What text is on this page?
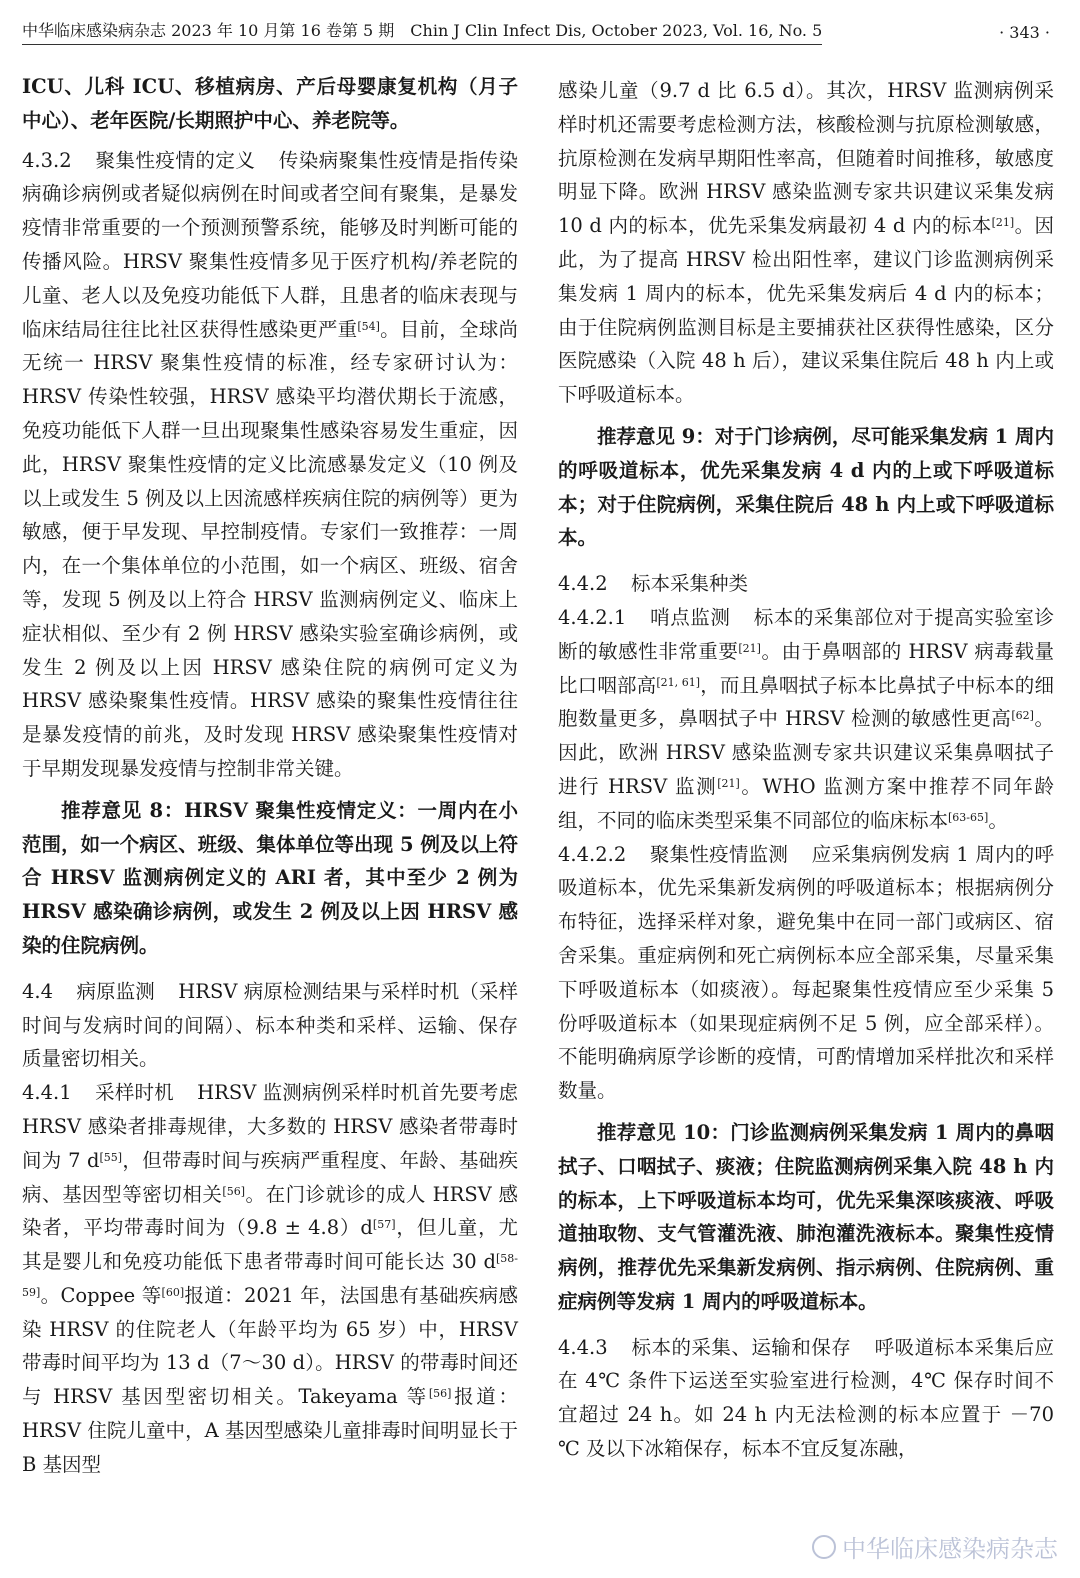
中华临床感染病杂志 2023 年 10 月第 16 卷第 5 期　Chin J Clin Infect Dis, October 2023, Vol. 16, No. 5	· 343 ·

ICU、儿科 ICU、移植病房、产后母婴康复机构（月子中心）、老年医院/长期照护中心、养老院等。

4.3.2 聚集性疫情的定义 传染病聚集性疫情是指传染病确诊病例或者疑似病例在时间或者空间有聚集，是暴发疫情非常重要的一个预测预警系统，能够及时判断可能的传播风险。HRSV 聚集性疫情多见于医疗机构/养老院的儿童、老人以及免疫功能低下人群，且患者的临床表现与临床结局往往比社区获得性感染更严重[54]。目前，全球尚无统一 HRSV 聚集性疫情的标准，经专家研讨认为：HRSV 传染性较强，HRSV 感染平均潜伏期长于流感，免疫功能低下人群一旦出现聚集性感染容易发生重症，因此，HRSV 聚集性疫情的定义比流感暴发定义（10 例及以上或发生 5 例及以上因流感样疾病住院的病例等）更为敏感，便于早发现、早控制疫情。专家们一致推荐：一周内，在一个集体单位的小范围，如一个病区、班级、宿舍等，发现 5 例及以上符合 HRSV 监测病例定义、临床上症状相似、至少有 2 例 HRSV 感染实验室确诊病例，或发生 2 例及以上因 HRSV 感染住院的病例可定义为 HRSV 感染聚集性疫情。HRSV 感染的聚集性疫情往往是暴发疫情的前兆，及时发现 HRSV 感染聚集性疫情对于早期发现暴发疫情与控制非常关键。

推荐意见 8：HRSV 聚集性疫情定义：一周内在小范围，如一个病区、班级、集体单位等出现 5 例及以上符合 HRSV 监测病例定义的 ARI 者，其中至少 2 例为 HRSV 感染确诊病例，或发生 2 例及以上因 HRSV 感染的住院病例。

4.4 病原监测 HRSV 病原检测结果与采样时机（采样时间与发病时间的间隔）、标本种类和采样、运输、保存质量密切相关。

4.4.1 采样时机 HRSV 监测病例采样时机首先要考虑 HRSV 感染者排毒规律，大多数的 HRSV 感染者带毒时间为 7 d[55]，但带毒时间与疾病严重程度、年龄、基础疾病、基因型等密切相关[56]。在门诊就诊的成人 HRSV 感染者，平均带毒时间为（9.8 ± 4.8）d[57]，但儿童，尤其是婴儿和免疫功能低下患者带毒时间可能长达 30 d[58-59]。Coppee 等[60]报道：2021 年，法国患有基础疾病感染 HRSV 的住院老人（年龄平均为 65 岁）中，HRSV 带毒时间平均为 13 d（7～30 d）。HRSV 的带毒时间还与 HRSV 基因型密切相关。Takeyama 等[56]报道：HRSV 住院儿童中，A 基因型感染儿童排毒时间明显长于 B 基因型

感染儿童（9.7 d 比 6.5 d）。其次，HRSV 监测病例采样时机还需要考虑检测方法，核酸检测与抗原检测敏感，抗原检测在发病早期阳性率高，但随着时间推移，敏感度明显下降。欧洲 HRSV 感染监测专家共识建议采集发病 10 d 内的标本，优先采集发病最初 4 d 内的标本[21]。因此，为了提高 HRSV 检出阳性率，建议门诊监测病例采集发病 1 周内的标本，优先采集发病后 4 d 内的标本；由于住院病例监测目标是主要捕获社区获得性感染，区分医院感染（入院 48 h 后），建议采集住院后 48 h 内上或下呼吸道标本。

推荐意见 9：对于门诊病例，尽可能采集发病 1 周内的呼吸道标本，优先采集发病 4 d 内的上或下呼吸道标本；对于住院病例，采集住院后 48 h 内上或下呼吸道标本。

4.4.2 标本采集种类

4.4.2.1 哨点监测 标本的采集部位对于提高实验室诊断的敏感性非常重要[21]。由于鼻咽部的 HRSV 病毒载量比口咽部高[21, 61]，而且鼻咽拭子标本比鼻拭子中标本的细胞数量更多，鼻咽拭子中 HRSV 检测的敏感性更高[62]。因此，欧洲 HRSV 感染监测专家共识建议采集鼻咽拭子进行 HRSV 监测[21]。WHO 监测方案中推荐不同年龄组，不同的临床类型采集不同部位的临床标本[63-65]。

4.4.2.2 聚集性疫情监测 应采集病例发病 1 周内的呼吸道标本，优先采集新发病例的呼吸道标本；根据病例分布特征，选择采样对象，避免集中在同一部门或病区、宿舍采集。重症病例和死亡病例标本应全部采集，尽量采集下呼吸道标本（如痰液）。每起聚集性疫情应至少采集 5 份呼吸道标本（如果现症病例不足 5 例，应全部采样）。不能明确病原学诊断的疫情，可酌情增加采样批次和采样数量。

推荐意见 10：门诊监测病例采集发病 1 周内的鼻咽拭子、口咽拭子、痰液；住院监测病例采集入院 48 h 内的标本，上下呼吸道标本均可，优先采集深咳痰液、呼吸道抽取物、支气管灌洗液、肺泡灌洗液标本。聚集性疫情病例，推荐优先采集新发病例、指示病例、住院病例、重症病例等发病 1 周内的呼吸道标本。

4.4.3 标本的采集、运输和保存 呼吸道标本采集后应在 4℃ 条件下运送至实验室进行检测，4℃ 保存时间不宜超过 24 h。如 24 h 内无法检测的标本应置于 －70 ℃ 及以下冰箱保存，标本不宜反复冻融，

中华临床感染病杂志
